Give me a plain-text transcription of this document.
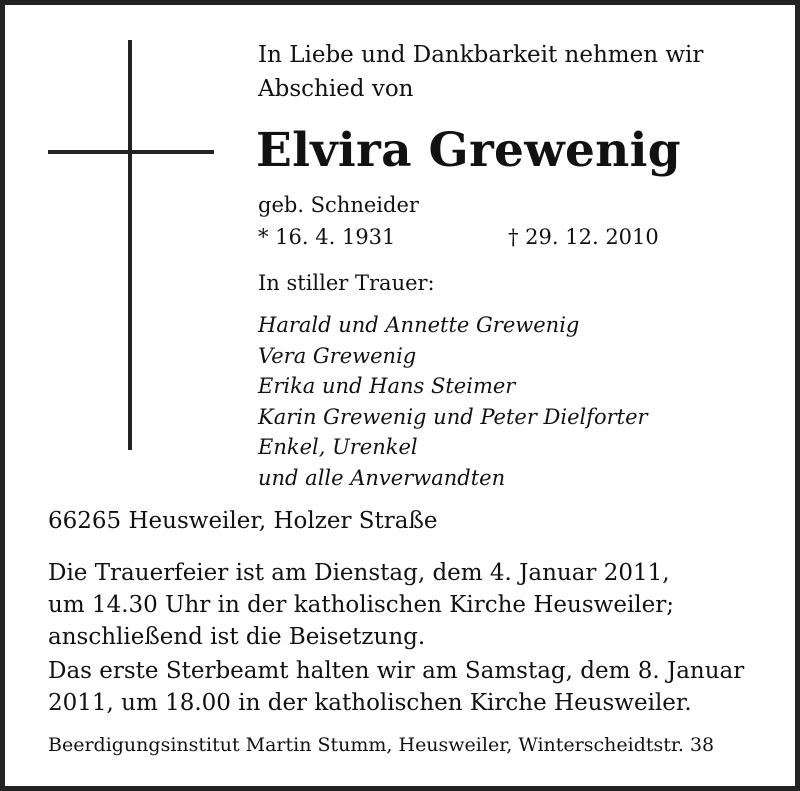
In Liebe und Dankbarkeit nehmen wir
Abschied von
Elvira Grewenig
geb. Schneider
* 16. 4. 1931	† 29. 12. 2010
In stiller Trauer:
Harald und Annette Grewenig
Vera Grewenig
Erika und Hans Steimer
Karin Grewenig und Peter Dielforter
Enkel, Urenkel
und alle Anverwandten
66265 Heusweiler, Holzer Straße
Die Trauerfeier ist am Dienstag, dem 4. Januar 2011,
um 14.30 Uhr in der katholischen Kirche Heusweiler;
anschließend ist die Beisetzung.
Das erste Sterbeamt halten wir am Samstag, dem 8. Januar
2011, um 18.00 in der katholischen Kirche Heusweiler.
Beerdigungsinstitut Martin Stumm, Heusweiler, Winterscheidtstr. 38
